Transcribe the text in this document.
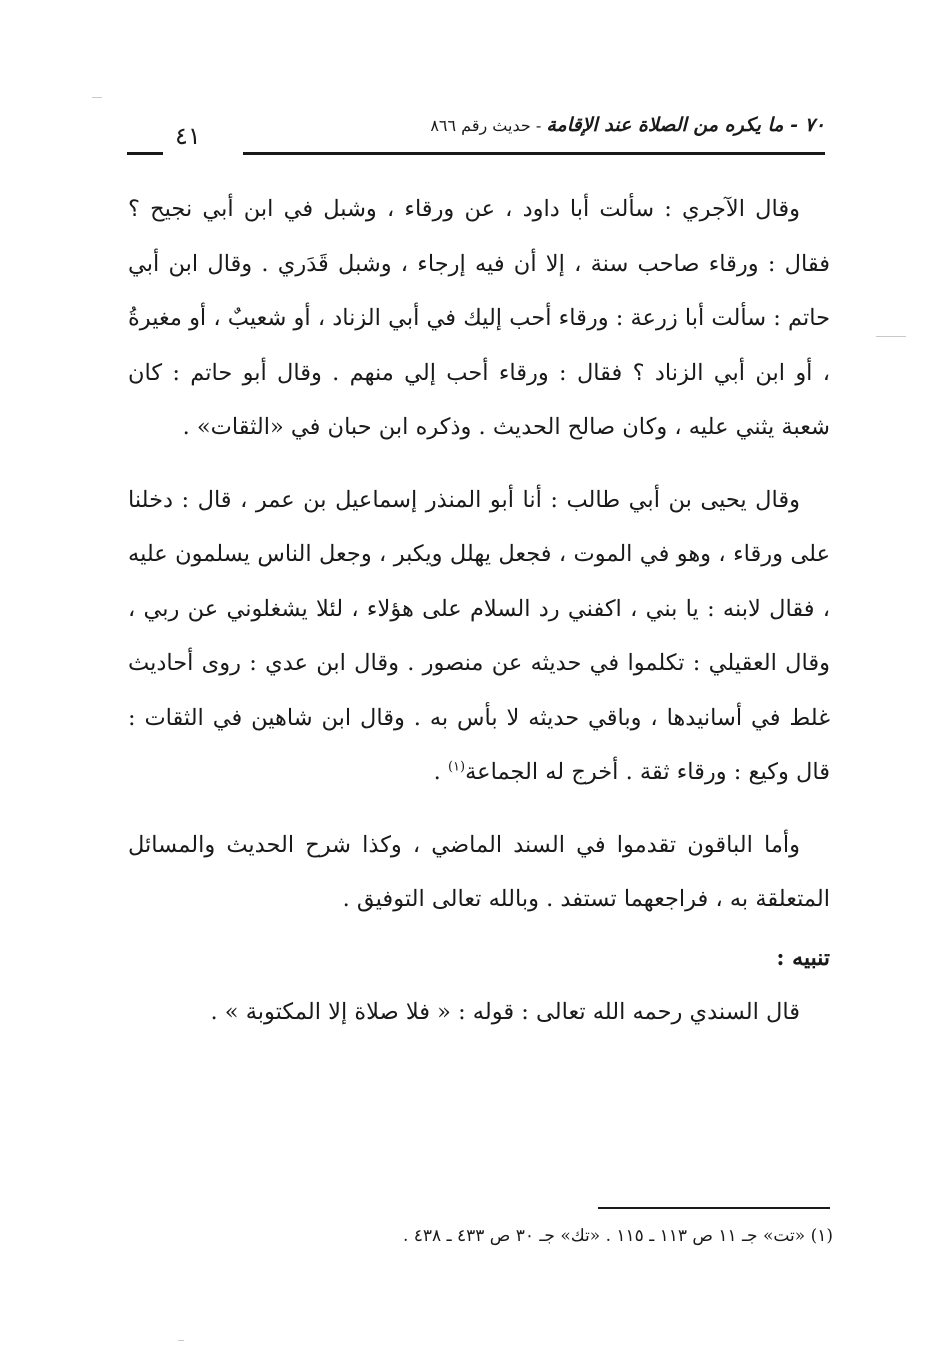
٧٠ - ما يكره من الصلاة عند الإقامة - حديث رقم ٨٦٦
٤١

وقال الآجري : سألت أبا داود ، عن ورقاء ، وشبل في ابن أبي نجيح ؟ فقال : ورقاء صاحب سنة ، إلا أن فيه إرجاء ، وشبل قَدَري . وقال ابن أبي حاتم : سألت أبا زرعة : ورقاء أحب إليك في أبي الزناد ، أو شعيبٌ ، أو مغيرةُ ، أو ابن أبي الزناد ؟ فقال : ورقاء أحب إلي منهم . وقال أبو حاتم : كان شعبة يثني عليه ، وكان صالح الحديث . وذكره ابن حبان في «الثقات» .

وقال يحيى بن أبي طالب : أنا أبو المنذر إسماعيل بن عمر ، قال : دخلنا على ورقاء ، وهو في الموت ، فجعل يهلل ويكبر ، وجعل الناس يسلمون عليه ، فقال لابنه : يا بني ، اكفني رد السلام على هؤلاء ، لئلا يشغلوني عن ربي ، وقال العقيلي : تكلموا في حديثه عن منصور . وقال ابن عدي : روى أحاديث غلط في أسانيدها ، وباقي حديثه لا بأس به . وقال ابن شاهين في الثقات : قال وكيع : ورقاء ثقة . أخرج له الجماعة$^{(١)}$ .

وأما الباقون تقدموا في السند الماضي ، وكذا شرح الحديث والمسائل المتعلقة به ، فراجعهما تستفد . وبالله تعالى التوفيق .

تنبيه :

قال السندي رحمه الله تعالى : قوله : « فلا صلاة إلا المكتوبة » .

(١) «تت» جـ ١١ ص ١١٣ ـ ١١٥ . «تك» جـ ٣٠ ص ٤٣٣ ـ ٤٣٨ .
